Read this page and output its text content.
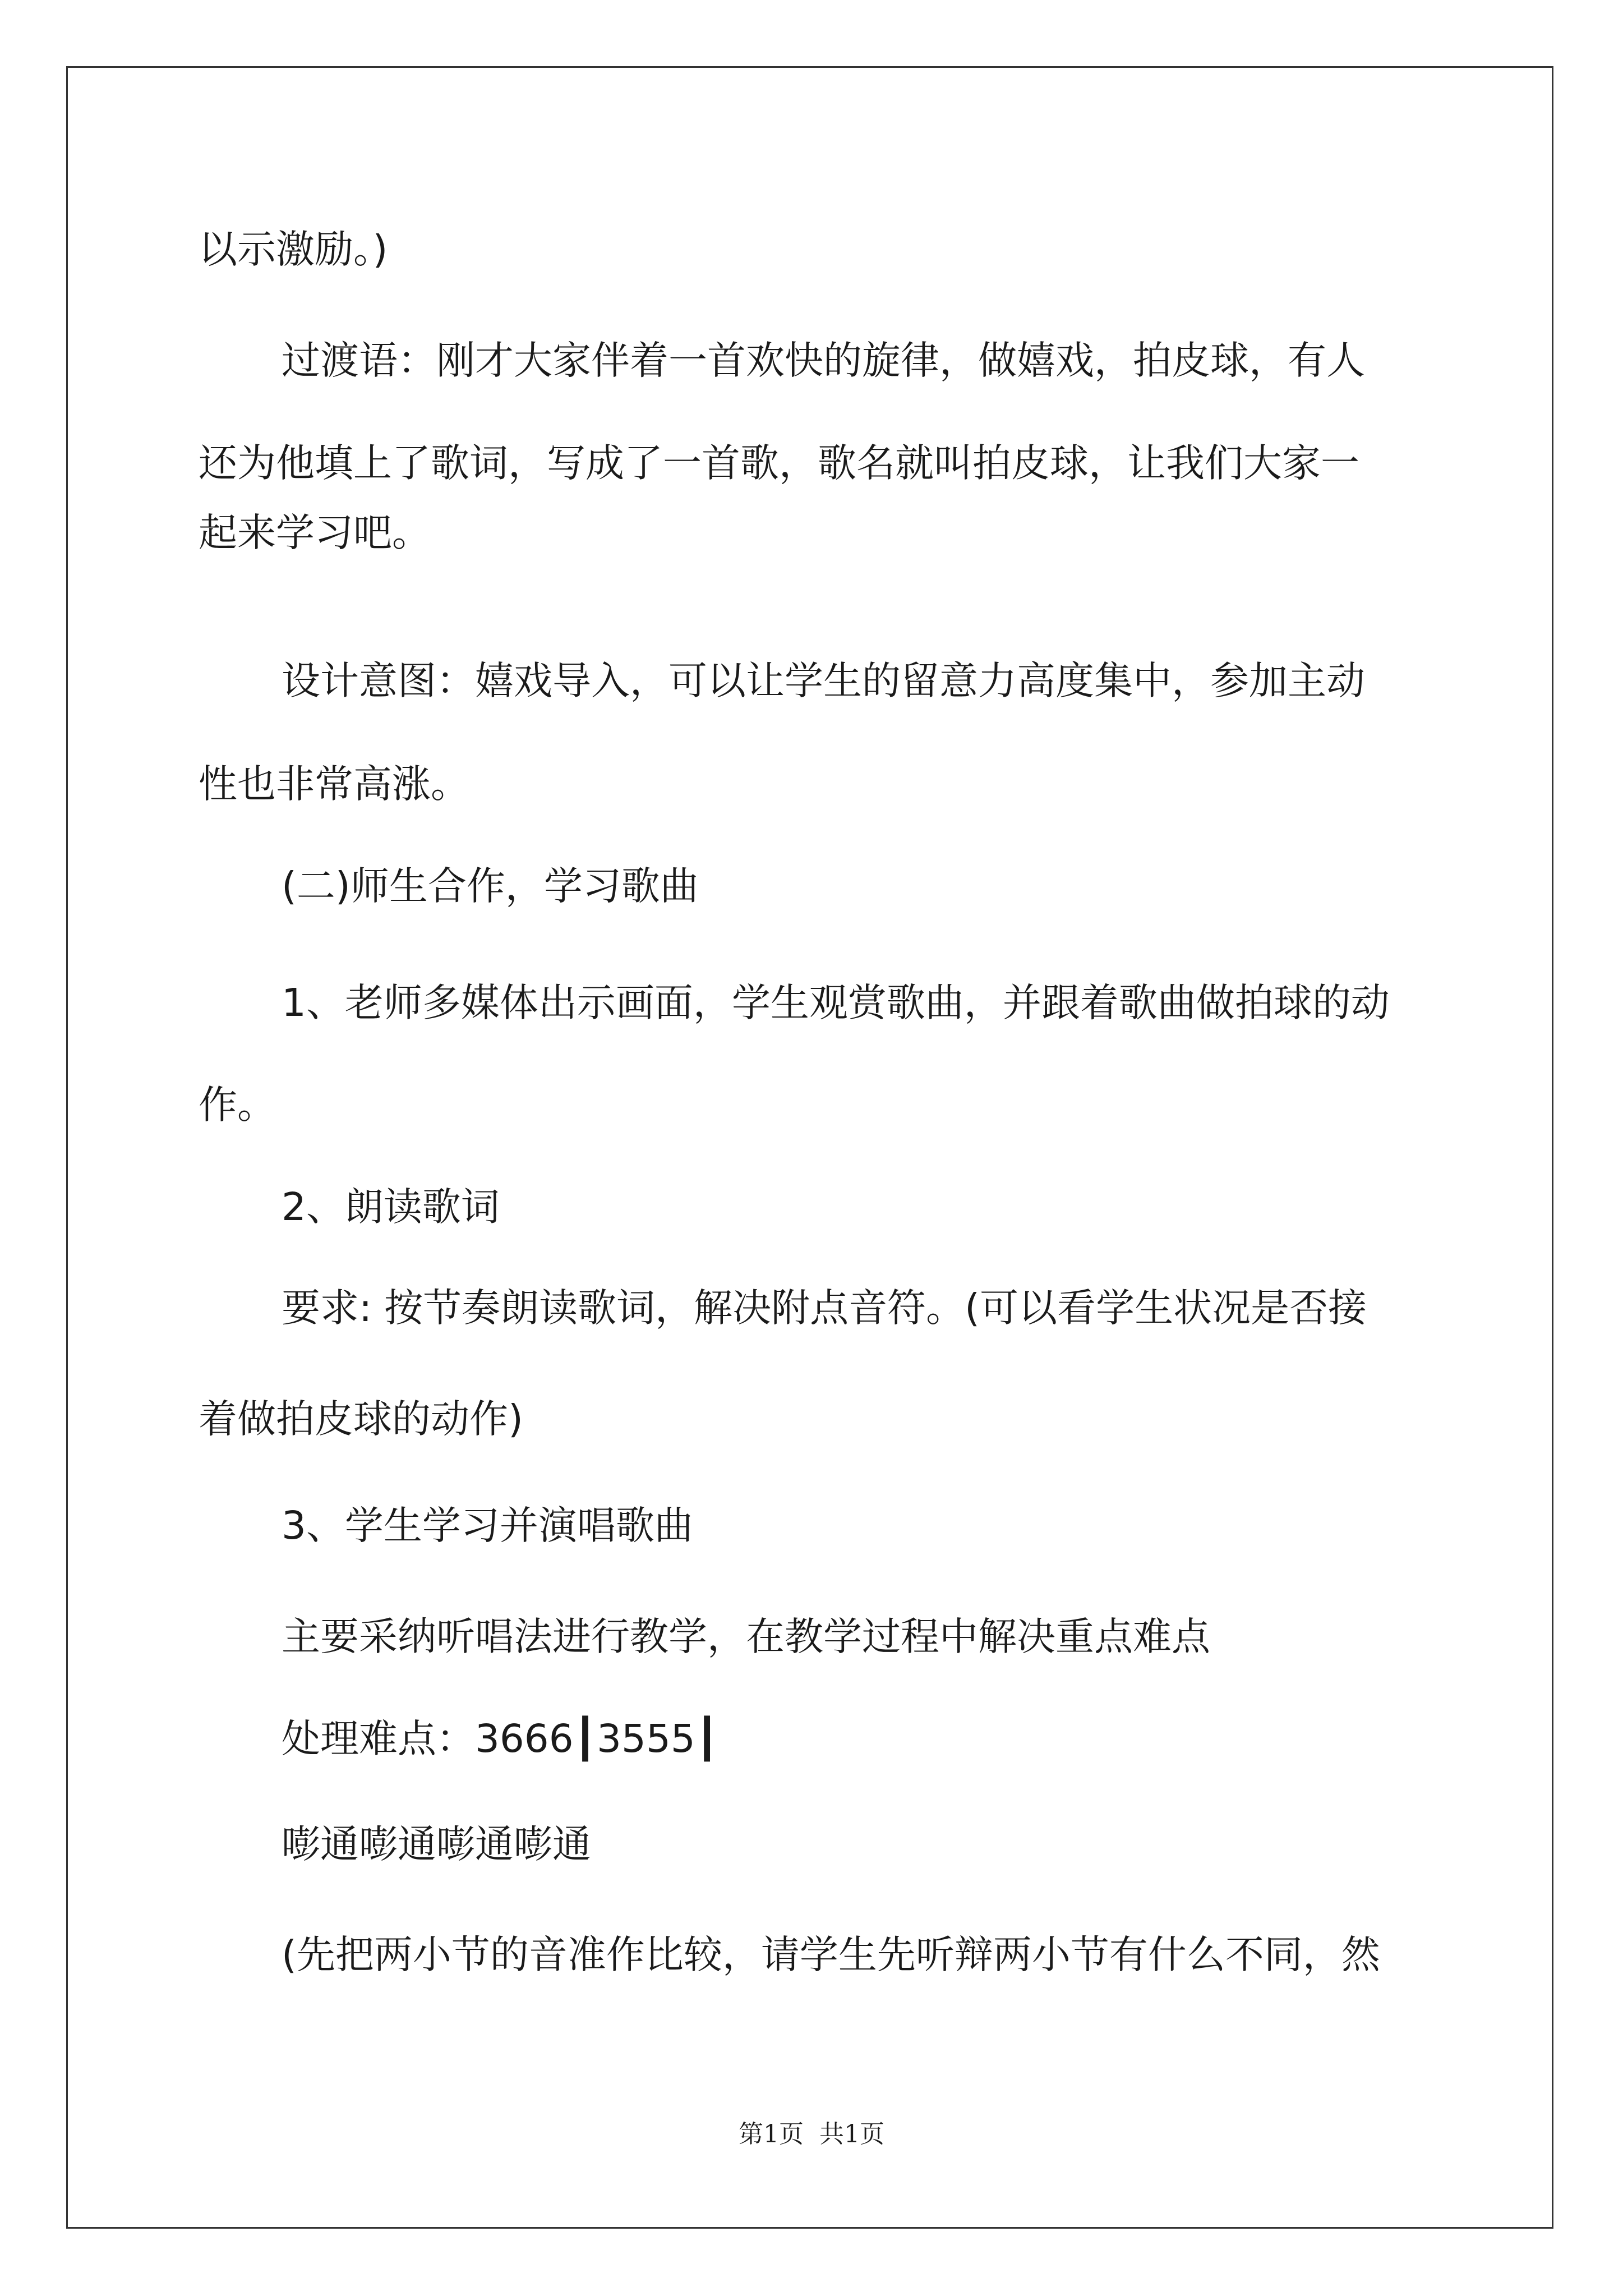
以示激励。)

过渡语：刚才大家伴着一首欢快的旋律，做嬉戏，拍皮球，有人

还为他填上了歌词，写成了一首歌，歌名就叫拍皮球，让我们大家一

起来学习吧。

设计意图：嬉戏导入，可以让学生的留意力高度集中，参加主动

性也非常高涨。

(二)师生合作，学习歌曲

1、老师多媒体出示画面，学生观赏歌曲，并跟着歌曲做拍球的动

作。

2、朗读歌词

要求: 按节奏朗读歌词，解决附点音符。(可以看学生状况是否接

着做拍皮球的动作)

3、学生学习并演唱歌曲

主要采纳听唱法进行教学，在教学过程中解决重点难点

处理难点：3666┃3555┃

嘭通嘭通嘭通嘭通

(先把两小节的音准作比较，请学生先听辩两小节有什么不同，然

第1页 共1页
